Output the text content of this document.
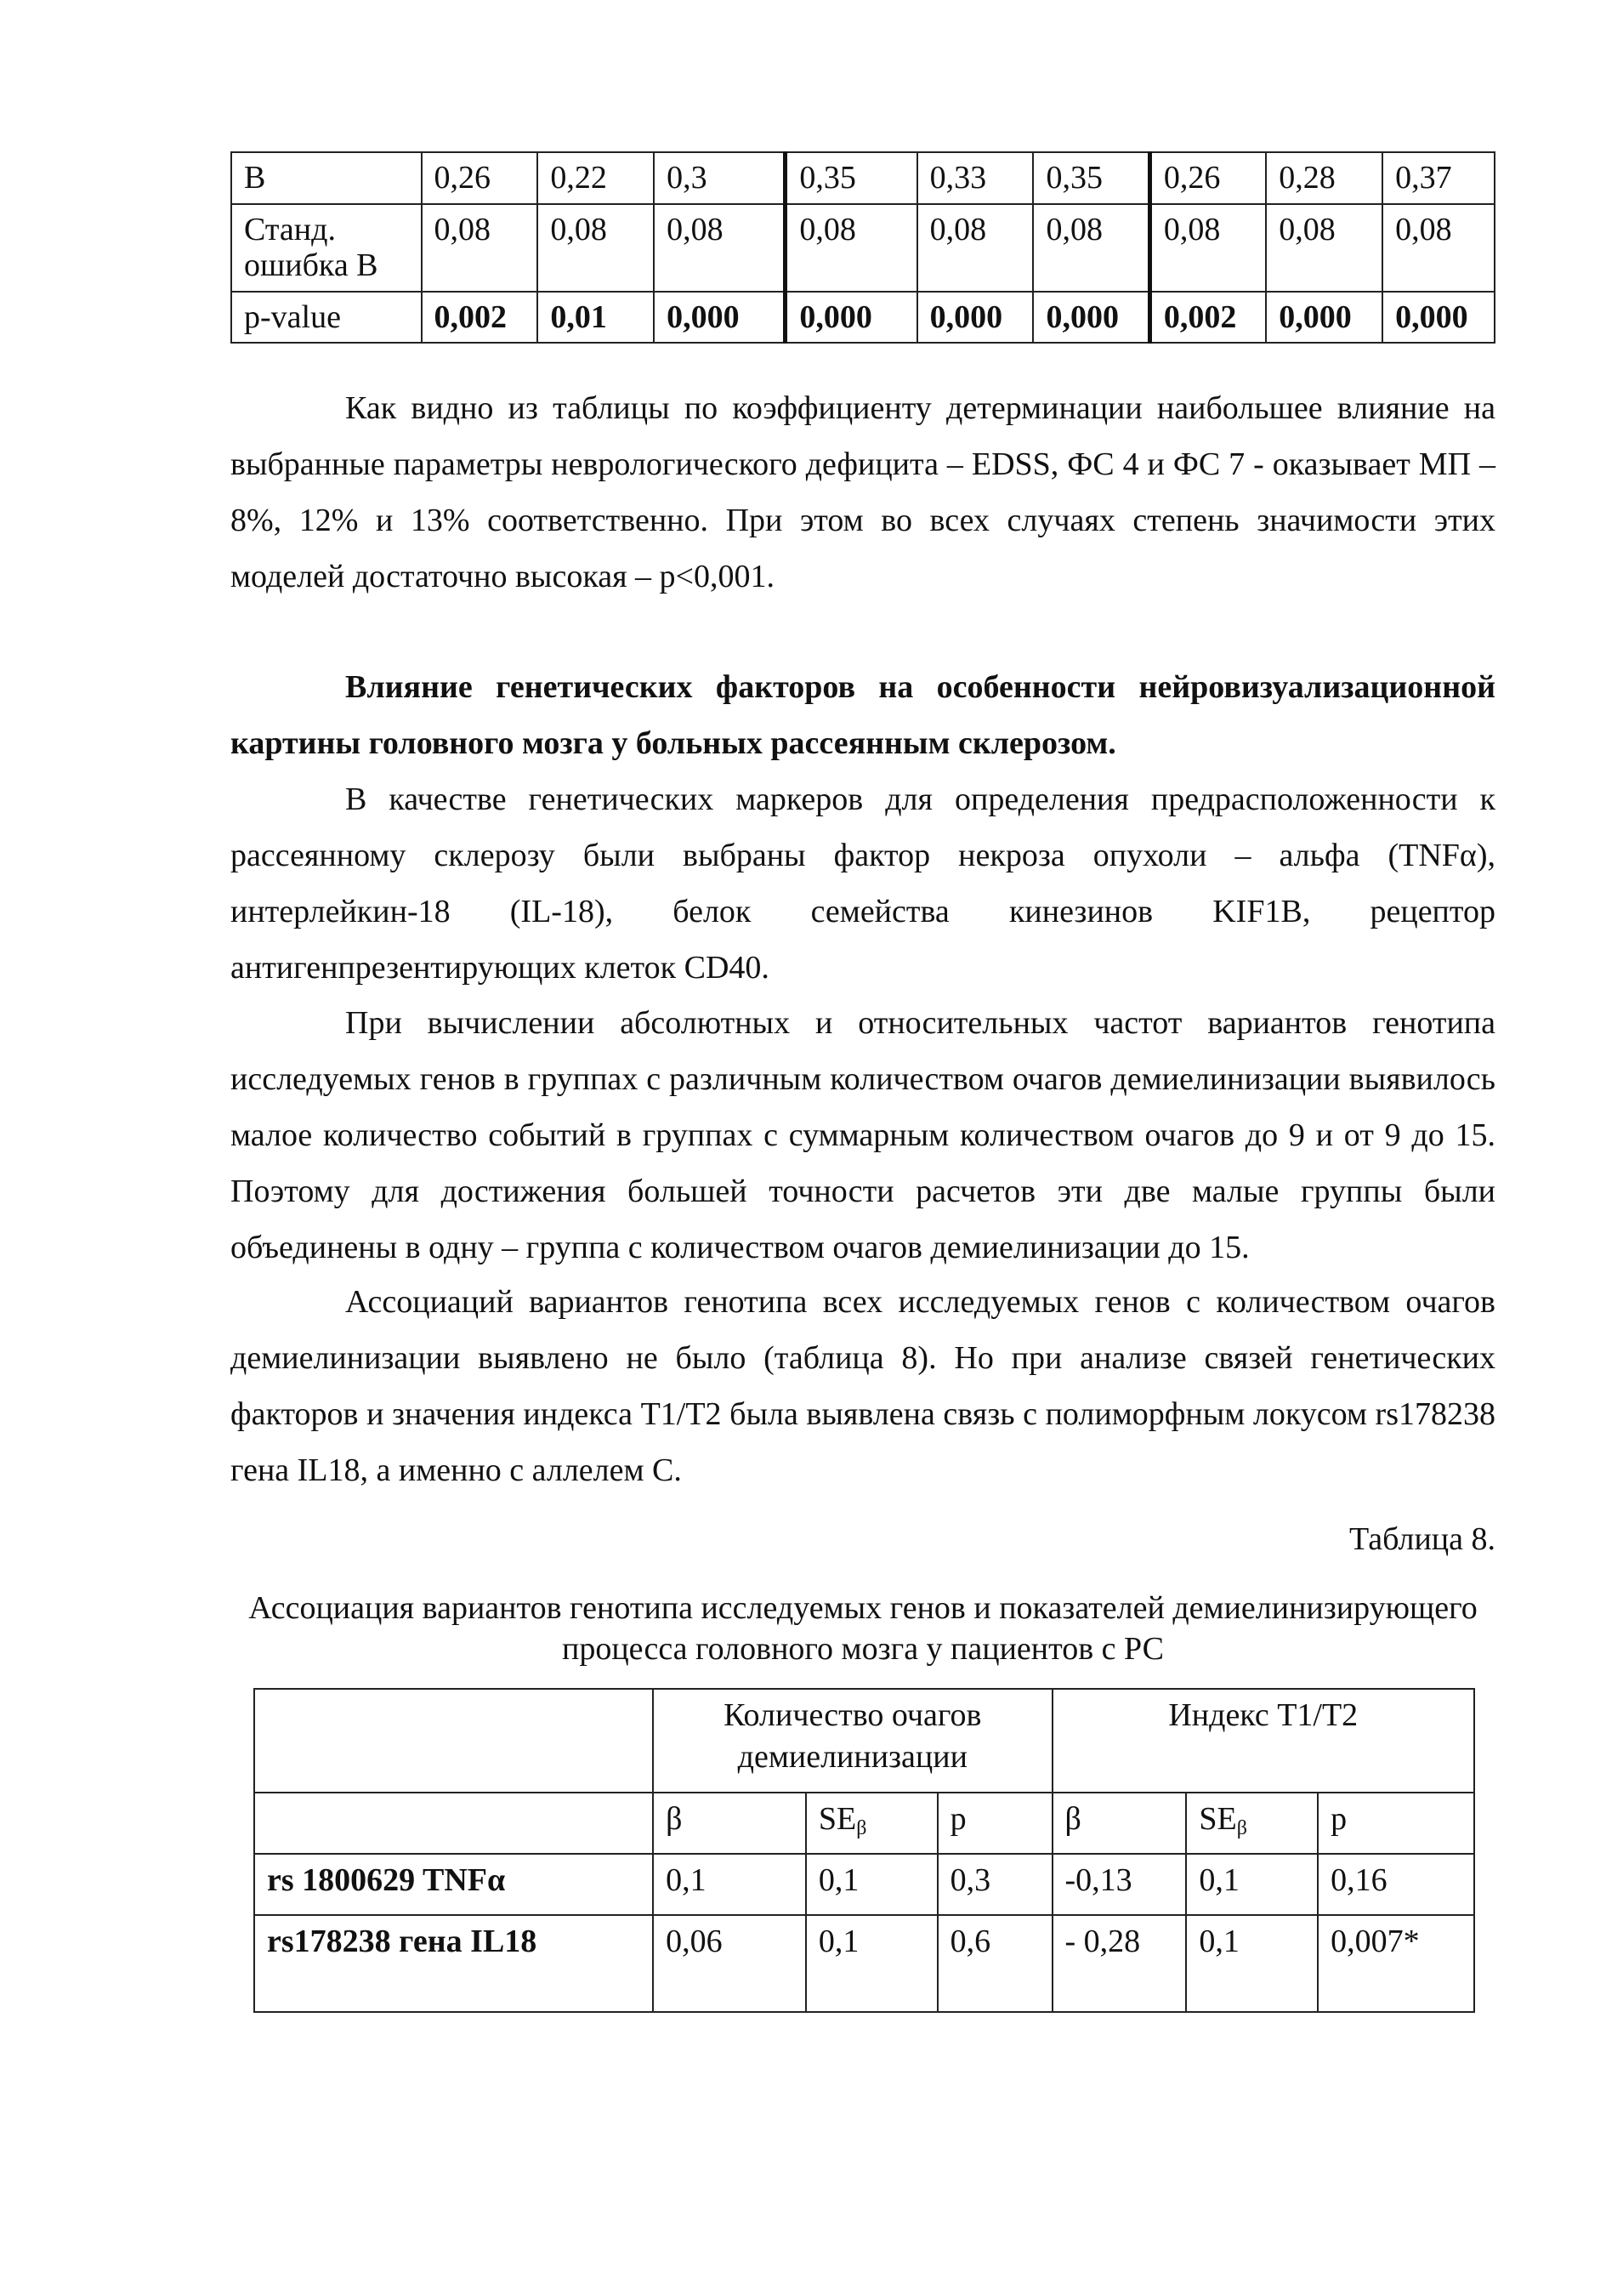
B	0,26	0,22	0,3	0,35	0,33	0,35	0,26	0,28	0,37
Станд. ошибка B	0,08	0,08	0,08	0,08	0,08	0,08	0,08	0,08	0,08
p-value	0,002	0,01	0,000	0,000	0,000	0,000	0,002	0,000	0,000

Как видно из таблицы по коэффициенту детерминации наибольшее влияние на выбранные параметры неврологического дефицита – EDSS, ФС 4 и ФС 7 - оказывает МП – 8%, 12% и 13% соответственно. При этом во всех случаях степень значимости этих моделей достаточно высокая – p<0,001.

Влияние генетических факторов на особенности нейровизуализационной картины головного мозга у больных рассеянным склерозом.

В качестве генетических маркеров для определения предрасположенности к рассеянному склерозу были выбраны фактор некроза опухоли – альфа (TNFα), интерлейкин-18 (IL-18), белок семейства кинезинов KIF1B, рецептор антигенпрезентирующих клеток CD40.

При вычислении абсолютных и относительных частот вариантов генотипа исследуемых генов в группах с различным количеством очагов демиелинизации выявилось малое количество событий в группах с суммарным количеством очагов до 9 и от 9 до 15. Поэтому для достижения большей точности расчетов эти две малые группы были объединены в одну – группа с количеством очагов демиелинизации до 15.

Ассоциаций вариантов генотипа всех исследуемых генов с количеством очагов демиелинизации выявлено не было (таблица 8). Но при анализе связей генетических факторов и значения индекса Т1/Т2 была выявлена связь с полиморфным локусом rs178238 гена IL18, а именно с аллелем С.

Таблица 8.
Ассоциация вариантов генотипа исследуемых генов и показателей демиелинизирующего процесса головного мозга у пациентов с РС
	Количество очагов демиелинизации			Индекс Т1/Т2		
	β	$SE_\beta$	p	β	$SE_\beta$	p
rs 1800629 TNFα	0,1	0,1	0,3	-0,13	0,1	0,16
rs178238 гена IL18	0,06	0,1	0,6	- 0,28	0,1	0,007*
